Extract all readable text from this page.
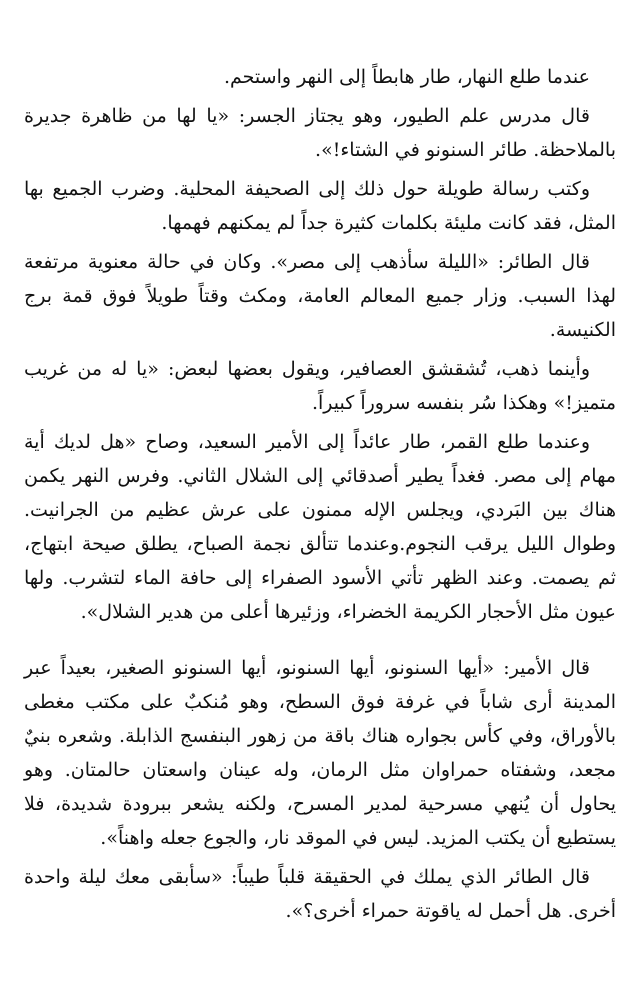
عندما طلع النهار، طار هابطاً إلى النهر واستحم.

قال مدرس علم الطيور، وهو يجتاز الجسر: «يا لها من ظاهرة جديرة بالملاحظة. طائر السنونو في الشتاء!».

وكتب رسالة طويلة حول ذلك إلى الصحيفة المحلية. وضرب الجميع بها المثل، فقد كانت مليئة بكلمات كثيرة جداً لم يمكنهم فهمها.

قال الطائر: «الليلة سأذهب إلى مصر». وكان في حالة معنوية مرتفعة لهذا السبب. وزار جميع المعالم العامة، ومكث وقتاً طويلاً فوق قمة برج الكنيسة.

وأينما ذهب، تُشقشق العصافير، ويقول بعضها لبعض: «يا له من غريب متميز!» وهكذا سُر بنفسه سروراً كبيراً.

وعندما طلع القمر، طار عائداً إلى الأمير السعيد، وصاح «هل لديك أية مهام إلى مصر. فغداً يطير أصدقائي إلى الشلال الثاني. وفرس النهر يكمن هناك بين البَردي، ويجلس الإله ممنون على عرش عظيم من الجرانيت. وطوال الليل يرقب النجوم.وعندما تتألق نجمة الصباح، يطلق صيحة ابتهاج، ثم يصمت. وعند الظهر تأتي الأسود الصفراء إلى حافة الماء لتشرب. ولها عيون مثل الأحجار الكريمة الخضراء، وزئيرها أعلى من هدير الشلال».

قال الأمير: «أيها السنونو، أيها السنونو، أيها السنونو الصغير، بعيداً عبر المدينة أرى شاباً في غرفة فوق السطح، وهو مُنكبٌ على مكتب مغطى بالأوراق، وفي كأس بجواره هناك باقة من زهور البنفسج الذابلة. وشعره بنيٌ مجعد، وشفتاه حمراوان مثل الرمان، وله عينان واسعتان حالمتان. وهو يحاول أن يُنهي مسرحية لمدير المسرح، ولكنه يشعر ببرودة شديدة، فلا يستطيع أن يكتب المزيد. ليس في الموقد نار، والجوع جعله واهناً».

قال الطائر الذي يملك في الحقيقة قلباً طيباً: «سأبقى معك ليلة واحدة أخرى. هل أحمل له ياقوتة حمراء أخرى؟».
